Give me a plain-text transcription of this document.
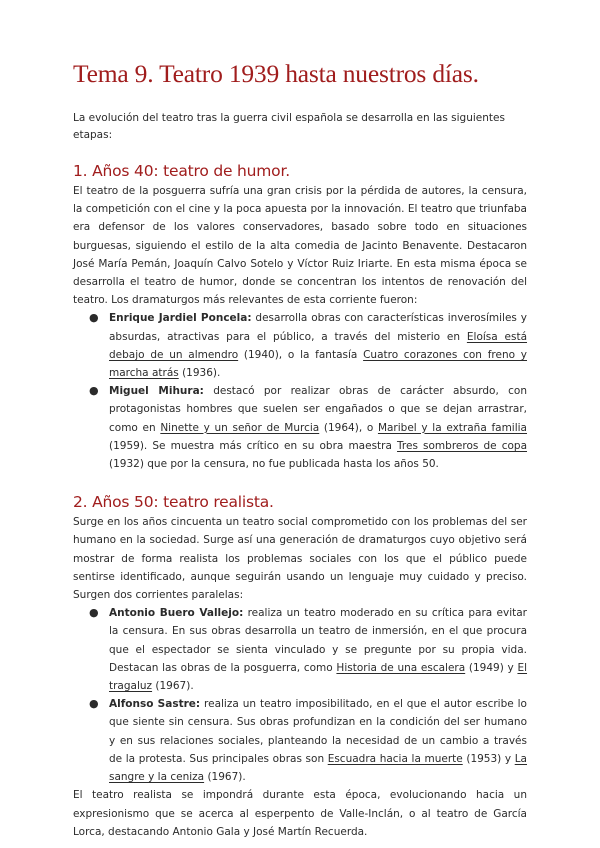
Tema 9. Teatro 1939 hasta nuestros días.

La evolución del teatro tras la guerra civil española se desarrolla en las siguientes etapas:

1. Años 40: teatro de humor.

El teatro de la posguerra sufría una gran crisis por la pérdida de autores, la censura, la competición con el cine y la poca apuesta por la innovación. El teatro que triunfaba era defensor de los valores conservadores, basado sobre todo en situaciones burguesas, siguiendo el estilo de la alta comedia de Jacinto Benavente. Destacaron José María Pemán, Joaquín Calvo Sotelo y Víctor Ruiz Iriarte. En esta misma época se desarrolla el teatro de humor, donde se concentran los intentos de renovación del teatro. Los dramaturgos más relevantes de esta corriente fueron:

● Enrique Jardiel Poncela: desarrolla obras con características inverosímiles y absurdas, atractivas para el público, a través del misterio en Eloísa está debajo de un almendro (1940), o la fantasía Cuatro corazones con freno y marcha atrás (1936).
● Miguel Mihura: destacó por realizar obras de carácter absurdo, con protagonistas hombres que suelen ser engañados o que se dejan arrastrar, como en Ninette y un señor de Murcia (1964), o Maribel y la extraña familia (1959). Se muestra más crítico en su obra maestra Tres sombreros de copa (1932) que por la censura, no fue publicada hasta los años 50.
2. Años 50: teatro realista.

Surge en los años cincuenta un teatro social comprometido con los problemas del ser humano en la sociedad. Surge así una generación de dramaturgos cuyo objetivo será mostrar de forma realista los problemas sociales con los que el público puede sentirse identificado, aunque seguirán usando un lenguaje muy cuidado y preciso. Surgen dos corrientes paralelas:

● Antonio Buero Vallejo: realiza un teatro moderado en su crítica para evitar la censura. En sus obras desarrolla un teatro de inmersión, en el que procura que el espectador se sienta vinculado y se pregunte por su propia vida. Destacan las obras de la posguerra, como Historia de una escalera (1949) y El tragaluz (1967).
● Alfonso Sastre: realiza un teatro imposibilitado, en el que el autor escribe lo que siente sin censura. Sus obras profundizan en la condición del ser humano y en sus relaciones sociales, planteando la necesidad de un cambio a través de la protesta. Sus principales obras son Escuadra hacia la muerte (1953) y La sangre y la ceniza (1967).

El teatro realista se impondrá durante esta época, evolucionando hacia un expresionismo que se acerca al esperpento de Valle-Inclán, o al teatro de García Lorca, destacando Antonio Gala y José Martín Recuerda.
